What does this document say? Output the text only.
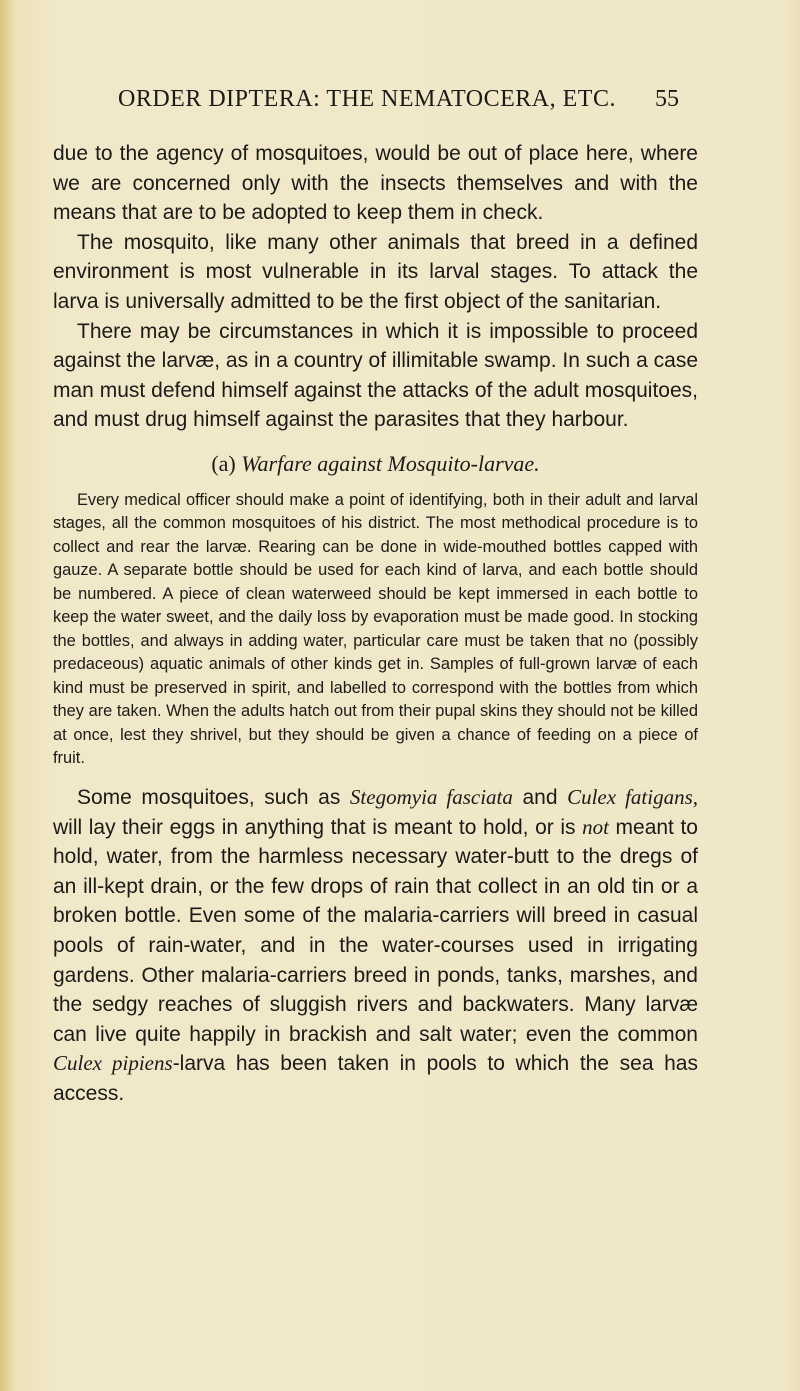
ORDER DIPTERA: THE NEMATOCERA, ETC.	55

due to the agency of mosquitoes, would be out of place here, where we are concerned only with the insects themselves and with the means that are to be adopted to keep them in check.

The mosquito, like many other animals that breed in a defined environment is most vulnerable in its larval stages. To attack the larva is universally admitted to be the first object of the sanitarian.

There may be circumstances in which it is impossible to proceed against the larvæ, as in a country of illimitable swamp. In such a case man must defend himself against the attacks of the adult mosquitoes, and must drug himself against the parasites that they harbour.

(a) Warfare against Mosquito-larvae.

Every medical officer should make a point of identifying, both in their adult and larval stages, all the common mosquitoes of his district. The most methodical procedure is to collect and rear the larvæ. Rearing can be done in wide-mouthed bottles capped with gauze. A separate bottle should be used for each kind of larva, and each bottle should be numbered. A piece of clean waterweed should be kept immersed in each bottle to keep the water sweet, and the daily loss by evaporation must be made good. In stocking the bottles, and always in adding water, particular care must be taken that no (possibly predaceous) aquatic animals of other kinds get in. Samples of full-grown larvæ of each kind must be preserved in spirit, and labelled to correspond with the bottles from which they are taken. When the adults hatch out from their pupal skins they should not be killed at once, lest they shrivel, but they should be given a chance of feeding on a piece of fruit.

Some mosquitoes, such as Stegomyia fasciata and Culex fatigans, will lay their eggs in anything that is meant to hold, or is not meant to hold, water, from the harmless necessary water-butt to the dregs of an ill-kept drain, or the few drops of rain that collect in an old tin or a broken bottle. Even some of the malaria-carriers will breed in casual pools of rain-water, and in the water-courses used in irrigating gardens. Other malaria-carriers breed in ponds, tanks, marshes, and the sedgy reaches of sluggish rivers and backwaters. Many larvæ can live quite happily in brackish and salt water; even the common Culex pipiens-larva has been taken in pools to which the sea has access.
